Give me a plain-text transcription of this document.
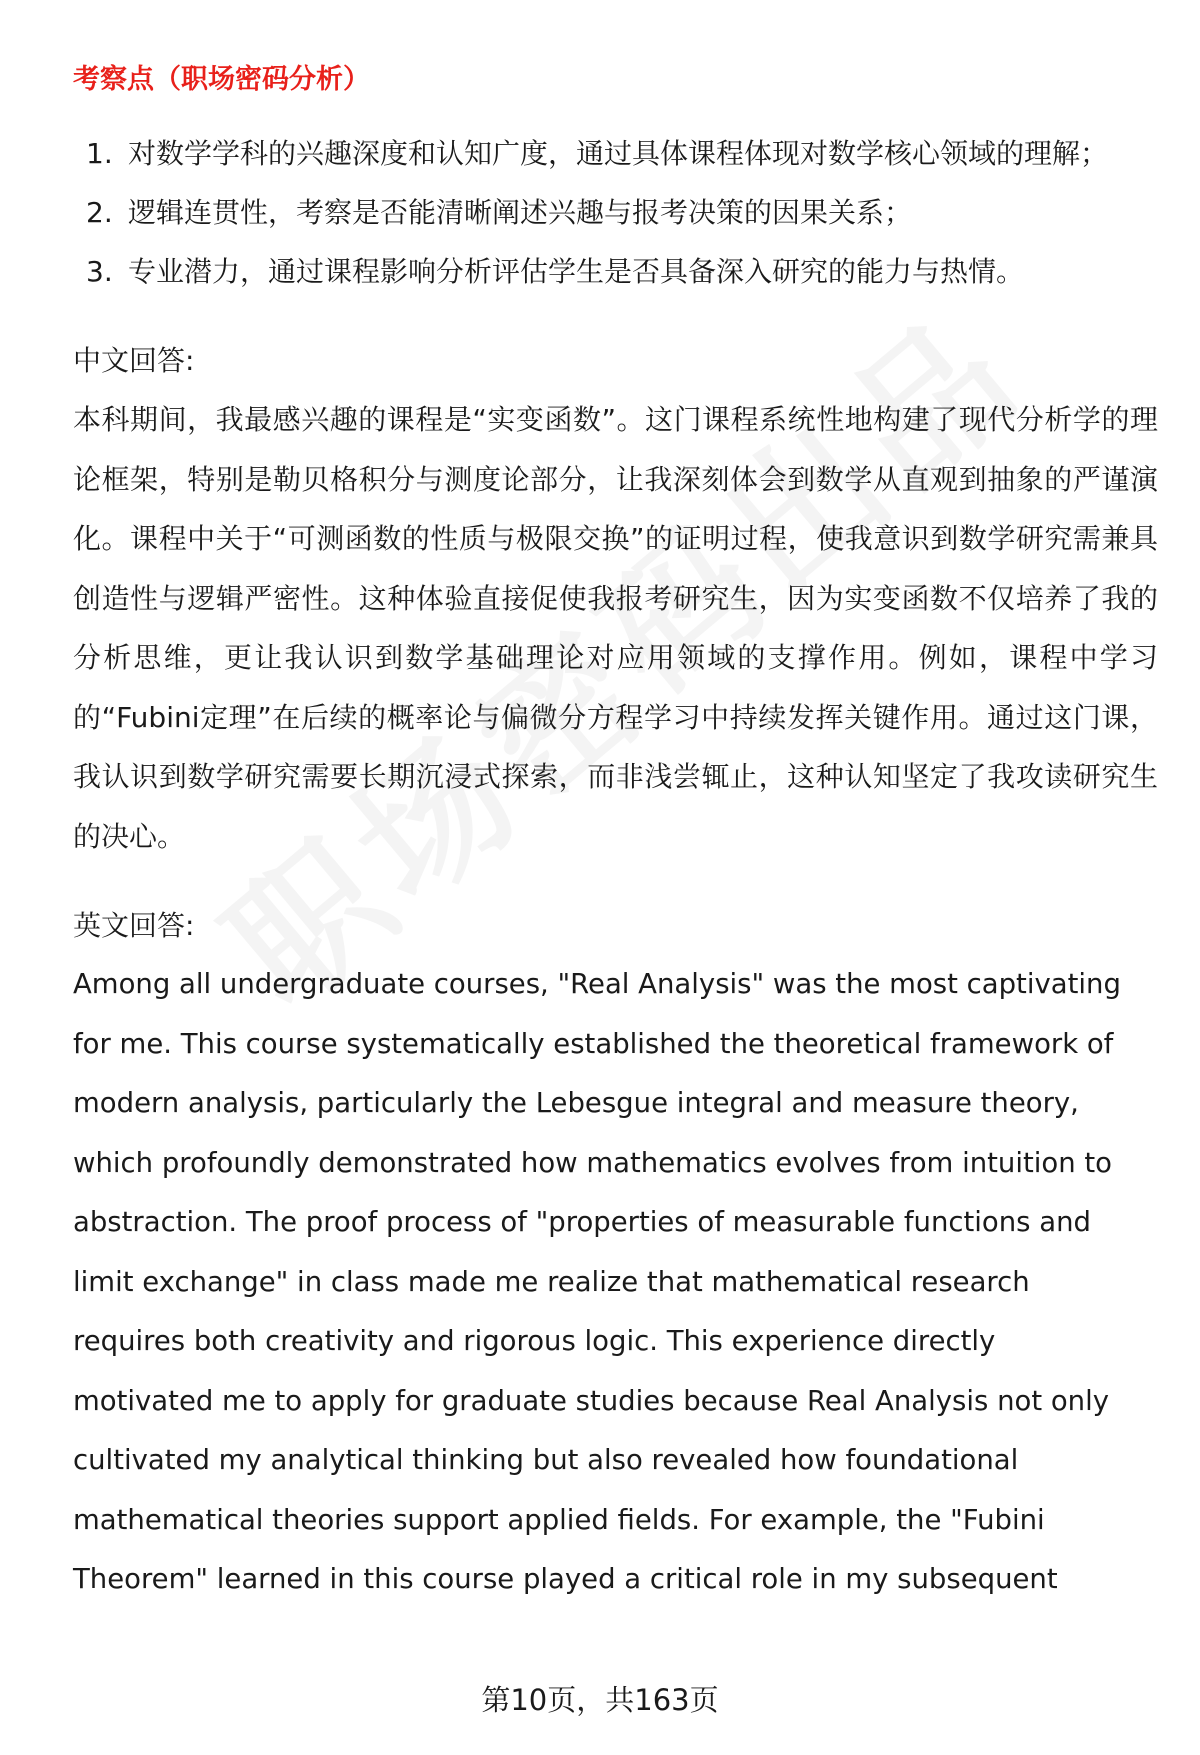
考察点（职场密码分析）
1. 对数学学科的兴趣深度和认知广度，通过具体课程体现对数学核心领域的理解；
2. 逻辑连贯性，考察是否能清晰阐述兴趣与报考决策的因果关系；
3. 专业潜力，通过课程影响分析评估学生是否具备深入研究的能力与热情。

中文回答:

本科期间，我最感兴趣的课程是“实变函数”。这门课程系统性地构建了现代分析学的理论框架，特别是勒贝格积分与测度论部分，让我深刻体会到数学从直观到抽象的严谨演化。课程中关于“可测函数的性质与极限交换”的证明过程，使我意识到数学研究需兼具创造性与逻辑严密性。这种体验直接促使我报考研究生，因为实变函数不仅培养了我的分析思维，更让我认识到数学基础理论对应用领域的支撑作用。例如，课程中学习的“Fubini定理”在后续的概率论与偏微分方程学习中持续发挥关键作用。通过这门课，我认识到数学研究需要长期沉浸式探索，而非浅尝辄止，这种认知坚定了我攻读研究生的决心。

英文回答:

Among all undergraduate courses, "Real Analysis" was the most captivating
for me. This course systematically established the theoretical framework of
modern analysis, particularly the Lebesgue integral and measure theory,
which profoundly demonstrated how mathematics evolves from intuition to
abstraction. The proof process of "properties of measurable functions and
limit exchange" in class made me realize that mathematical research
requires both creativity and rigorous logic. This experience directly
motivated me to apply for graduate studies because Real Analysis not only
cultivated my analytical thinking but also revealed how foundational
mathematical theories support applied fields. For example, the "Fubini
Theorem" learned in this course played a critical role in my subsequent
第10页，共163页
